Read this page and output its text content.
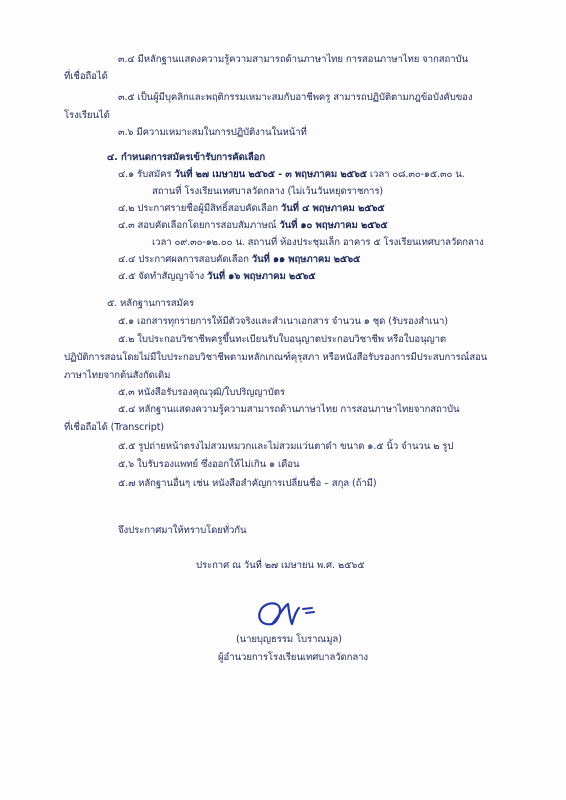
๓.๔ มีหลักฐานแสดงความรู้ความสามารถด้านภาษาไทย การสอนภาษาไทย จากสถาบัน
ที่เชื่อถือได้
๓.๕ เป็นผู้มีบุคลิกและพฤติกรรมเหมาะสมกับอาชีพครู สามารถปฏิบัติตามกฎข้อบังคับของ
โรงเรียนได้
๓.๖ มีความเหมาะสมในการปฏิบัติงานในหน้าที่
๔. กำหนดการสมัครเข้ารับการคัดเลือก
๔.๑ รับสมัคร วันที่ ๒๗ เมษายน ๒๕๖๕ - ๓ พฤษภาคม ๒๕๖๕ เวลา ๐๘.๓๐-๑๕.๓๐ น.
สถานที่ โรงเรียนเทศบาลวัดกลาง (ไม่เว้นวันหยุดราชการ)
๔.๒ ประกาศรายชื่อผู้มีสิทธิ์สอบคัดเลือก วันที่ ๔ พฤษภาคม ๒๕๖๕
๔.๓ สอบคัดเลือกโดยการสอบสัมภาษณ์ วันที่ ๑๐ พฤษภาคม ๒๕๖๕
เวลา ๐๙.๓๐-๑๒.๐๐ น. สถานที่ ห้องประชุมเล็ก อาคาร ๕ โรงเรียนเทศบาลวัดกลาง
๔.๔ ประกาศผลการสอบคัดเลือก วันที่ ๑๑ พฤษภาคม ๒๕๖๕
๔.๕ จัดทำสัญญาจ้าง วันที่ ๑๖ พฤษภาคม ๒๕๖๕
๕. หลักฐานการสมัคร
๕.๑ เอกสารทุกรายการให้มีตัวจริงและสำเนาเอกสาร จำนวน ๑ ชุด (รับรองสำเนา)
๕.๒ ใบประกอบวิชาชีพครูขึ้นทะเบียนรับใบอนุญาตประกอบวิชาชีพ หรือใบอนุญาต
ปฏิบัติการสอนโดยไม่มีใบประกอบวิชาชีพตามหลักเกณฑ์คุรุสภา หรือหนังสือรับรองการมีประสบการณ์สอน
ภาษาไทยจากต้นสังกัดเดิม
๕.๓ หนังสือรับรองคุณวุฒิ/ใบปริญญาบัตร
๕.๔ หลักฐานแสดงความรู้ความสามารถด้านภาษาไทย การสอนภาษาไทยจากสถาบัน
ที่เชื่อถือได้ (Transcript)
๕.๕ รูปถ่ายหน้าตรงไม่สวมหมวกและไม่สวมแว่นตาดำ ขนาด ๑.๕ นิ้ว จำนวน ๒ รูป
๕.๖ ใบรับรองแพทย์ ซึ่งออกให้ไม่เกิน ๑ เดือน
๕.๗ หลักฐานอื่นๆ เช่น หนังสือสำคัญการเปลี่ยนชื่อ – สกุล (ถ้ามี)
จึงประกาศมาให้ทราบโดยทั่วกัน
ประกาศ ณ วันที่ ๒๗ เมษายน พ.ศ. ๒๕๖๕
(นายบุญธรรม โบราณมูล)
ผู้อำนวยการโรงเรียนเทศบาลวัดกลาง
